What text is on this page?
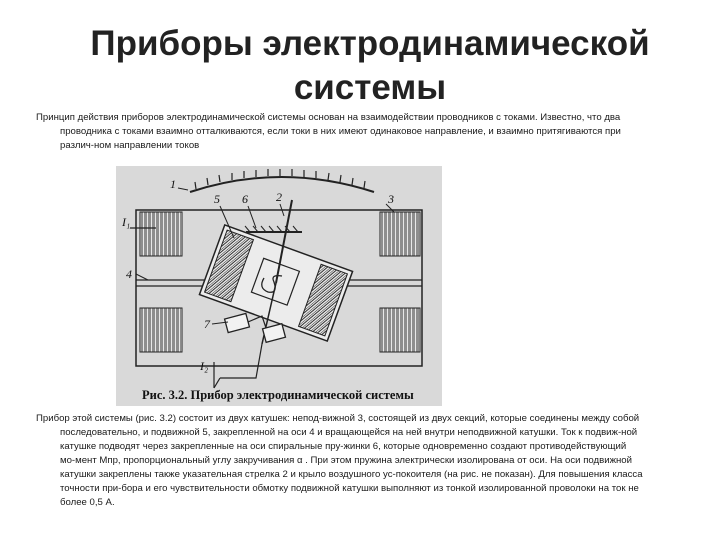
Приборы электродинамической
системы
Принцип действия приборов электродинамической системы основан на взаимодействии проводников с токами. Известно, что два
проводника с токами взаимно отталкиваются, если токи в них имеют одинаковое направление, и взаимно притягиваются при
различ-ном направлении токов
1
5 6 2	3
I₁
4
7
I₂
Рис. 3.2. Прибор электродинамической системы
Прибор этой системы (рис. 3.2) состоит из двух катушек: непод-вижной 3, состоящей из двух секций, которые соединены между собой
последовательно, и подвижной 5, закрепленной на оси 4 и вращающейся на ней внутри неподвижной катушки. Ток к подвиж-ной
катушке подводят через закрепленные на оси спиральные пру-жинки 6, которые одновременно создают противодействующий
мо-мент Mпр, пропорциональный углу закручивания α . При этом пружина электрически изолирована от оси. На оси подвижной
катушки закреплены также указательная стрелка 2 и крыло воздушного ус-покоителя (на рис. не показан). Для повышения класса
точности при-бора и его чувствительности обмотку подвижной катушки выполняют из тонкой изолированной проволоки на ток не
более 0,5 А.
